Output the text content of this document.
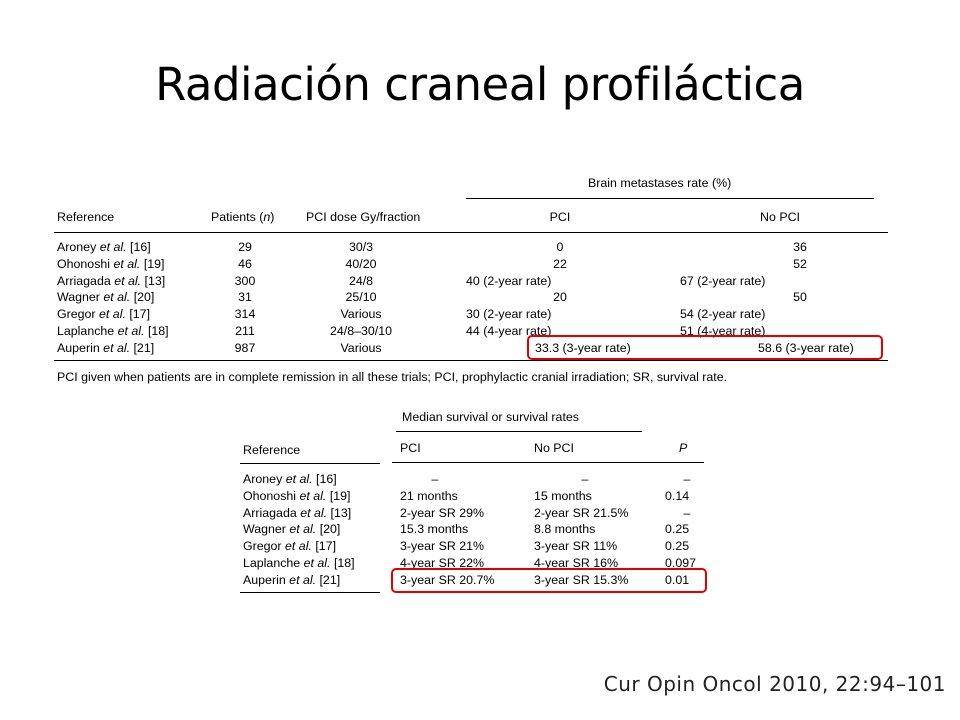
Radiación craneal profiláctica
Brain metastases rate (%)
Reference	Patients (n)	PCI dose Gy/fraction	PCI	No PCI
Aroney et al. [16]	29	30/3	0	36
Ohonoshi et al. [19]	46	40/20	22	52
Arriagada et al. [13]	300	24/8	40 (2-year rate)	67 (2-year rate)
Wagner et al. [20]	31	25/10	20	50
Gregor et al. [17]	314	Various	30 (2-year rate)	54 (2-year rate)
Laplanche et al. [18]	211	24/8–30/10	44 (4-year rate)	51 (4-year rate)
Auperin et al. [21]	987	Various	33.3 (3-year rate)	58.6 (3-year rate)
PCI given when patients are in complete remission in all these trials; PCI, prophylactic cranial irradiation; SR, survival rate.
Median survival or survival rates
Reference	PCI	No PCI	P
Aroney et al. [16]	–	–	–
Ohonoshi et al. [19]	21 months	15 months	0.14
Arriagada et al. [13]	2-year SR 29%	2-year SR 21.5%	–
Wagner et al. [20]	15.3 months	8.8 months	0.25
Gregor et al. [17]	3-year SR 21%	3-year SR 11%	0.25
Laplanche et al. [18]	4-year SR 22%	4-year SR 16%	0.097
Auperin et al. [21]	3-year SR 20.7%	3-year SR 15.3%	0.01
Cur Opin Oncol 2010, 22:94–101
